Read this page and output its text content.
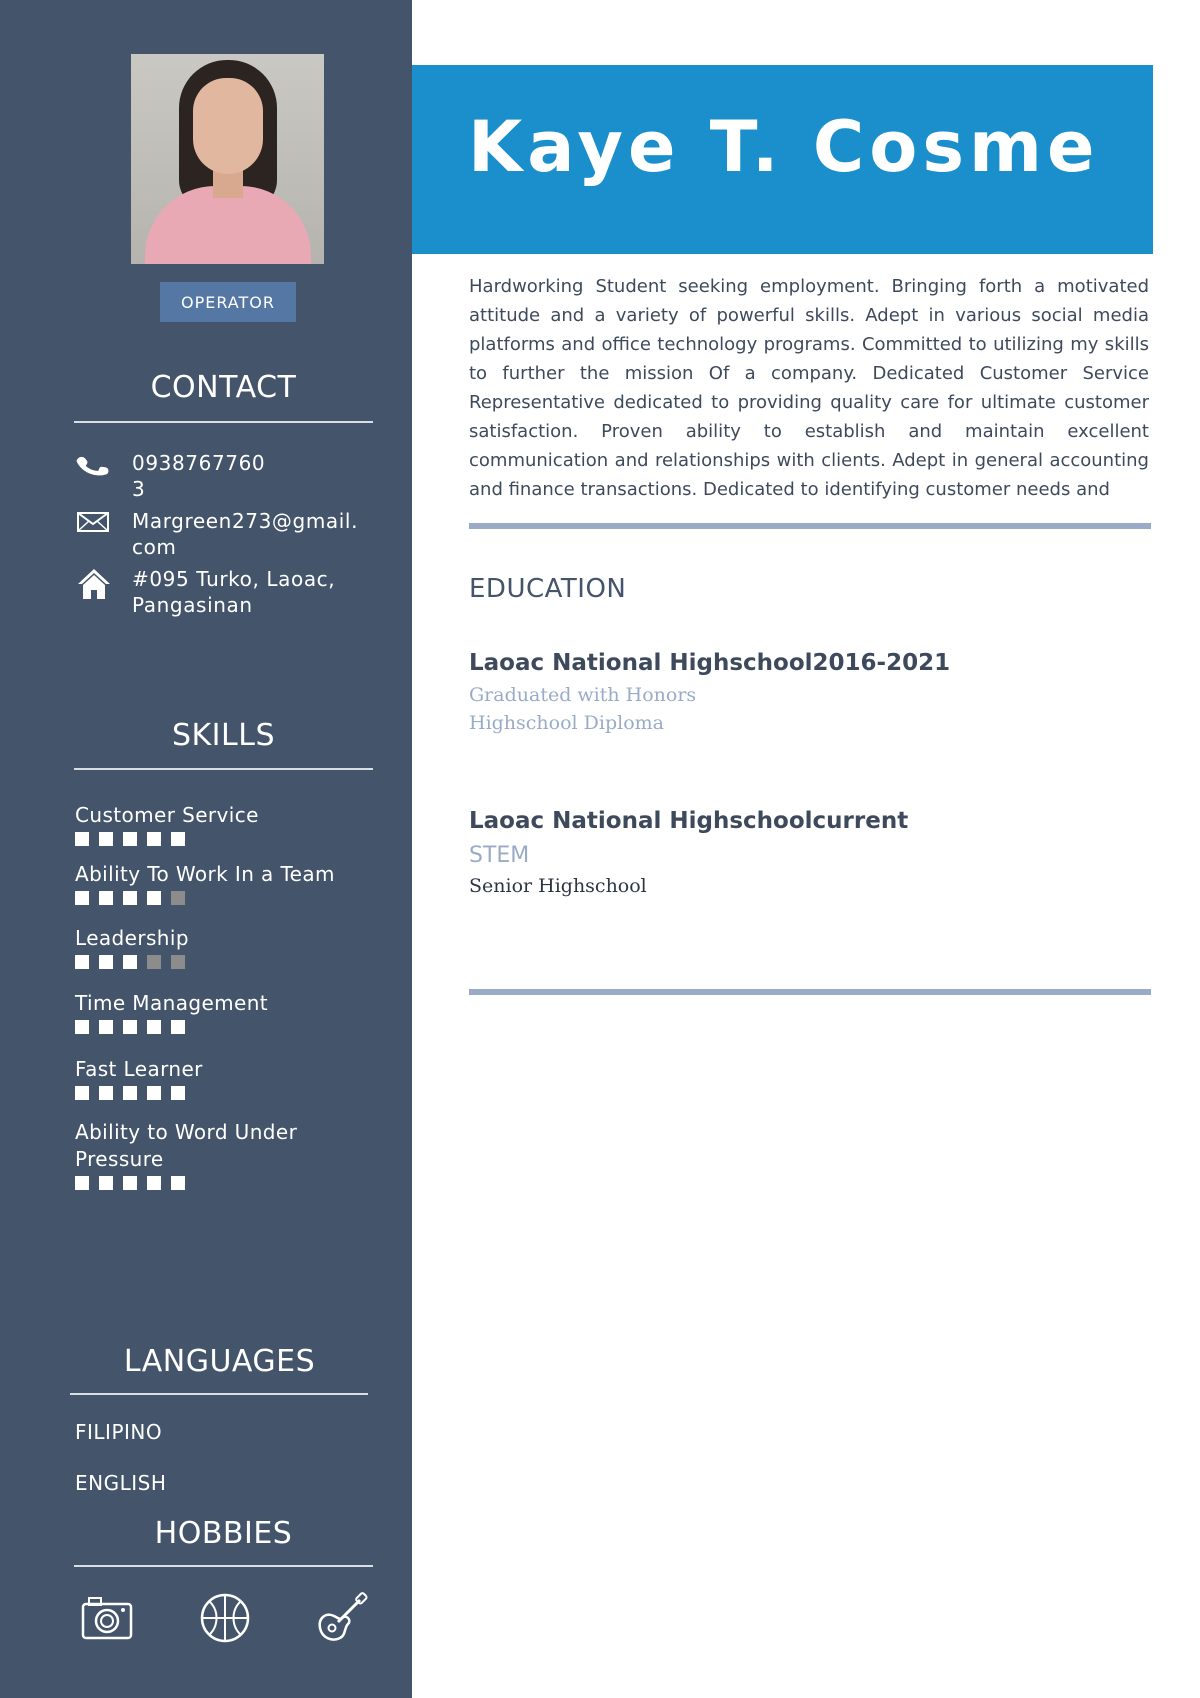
OPERATOR
CONTACT
0938767760
3
Margreen273@gmail.
com
#095 Turko, Laoac,
Pangasinan
SKILLS
Customer Service
Ability To Work In a Team
Leadership
Time Management
Fast Learner
Ability to Word Under
Pressure
LANGUAGES
FILIPINO
ENGLISH
HOBBIES
Kaye T. Cosme
Hardworking Student seeking employment. Bringing forth a motivated attitude and a variety of powerful skills. Adept in various social media platforms and office technology programs. Committed to utilizing my skills to further the mission Of a company. Dedicated Customer Service Representative dedicated to providing quality care for ultimate customer satisfaction. Proven ability to establish and maintain excellent communication and relationships with clients. Adept in general accounting and finance transactions. Dedicated to identifying customer needs and
EDUCATION
Laoac National Highschool2016-2021
Graduated with Honors
Highschool Diploma
Laoac National Highschoolcurrent
STEM
Senior Highschool
